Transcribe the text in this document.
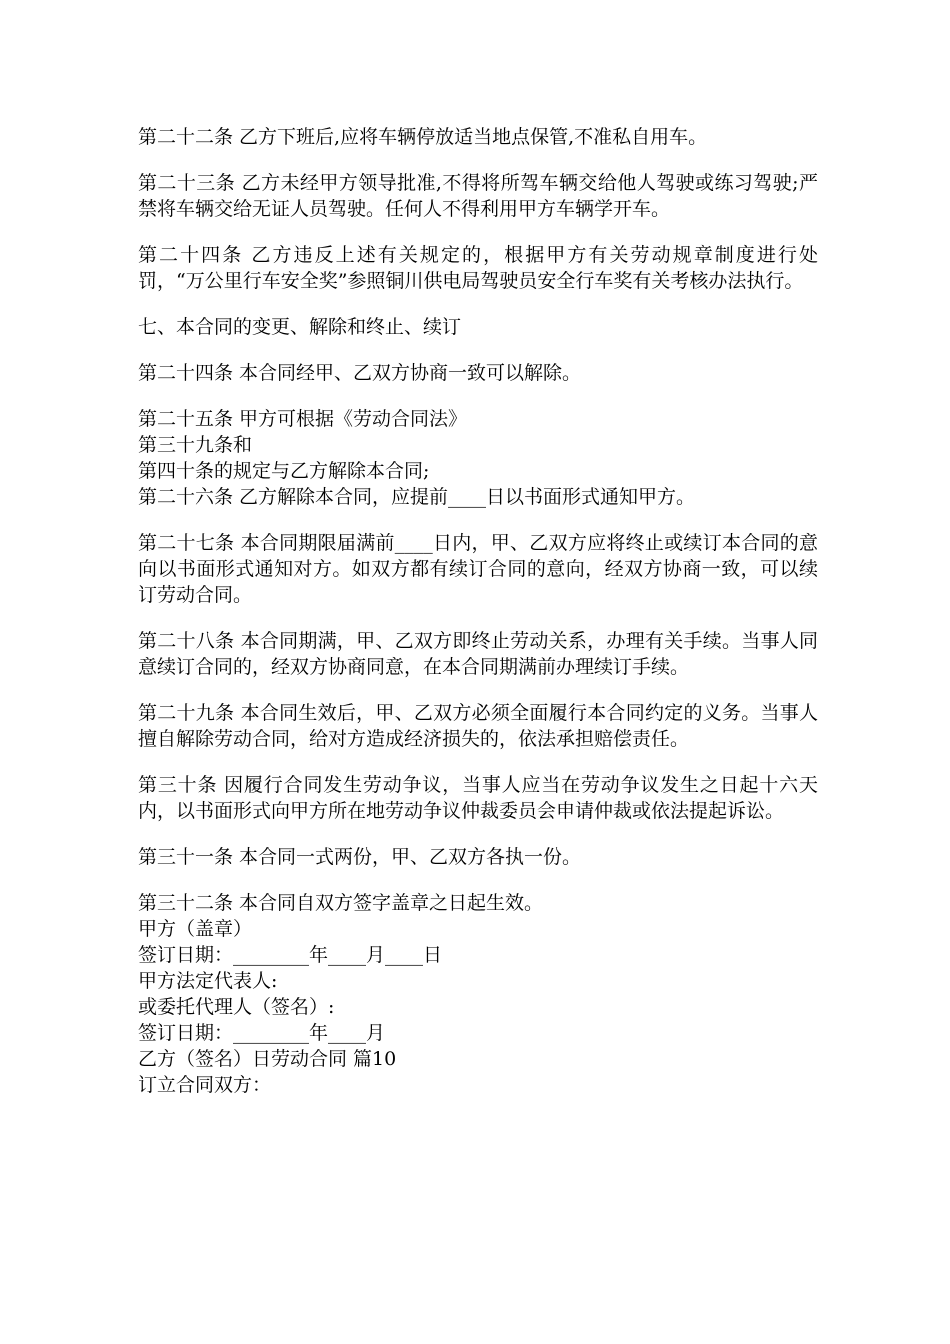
第二十二条 乙方下班后,应将车辆停放适当地点保管,不准私自用车。

第二十三条 乙方未经甲方领导批准,不得将所驾车辆交给他人驾驶或练习驾驶;严禁将车辆交给无证人员驾驶。任何人不得利用甲方车辆学开车。

第二十四条 乙方违反上述有关规定的，根据甲方有关劳动规章制度进行处罚，“万公里行车安全奖”参照铜川供电局驾驶员安全行车奖有关考核办法执行。

七、本合同的变更、解除和终止、续订

第二十四条 本合同经甲、乙双方协商一致可以解除。

第二十五条 甲方可根据《劳动合同法》

第三十九条和

第四十条的规定与乙方解除本合同;

第二十六条 乙方解除本合同，应提前____日以书面形式通知甲方。

第二十七条 本合同期限届满前____日内，甲、乙双方应将终止或续订本合同的意向以书面形式通知对方。如双方都有续订合同的意向，经双方协商一致，可以续订劳动合同。

第二十八条 本合同期满，甲、乙双方即终止劳动关系，办理有关手续。当事人同意续订合同的，经双方协商同意，在本合同期满前办理续订手续。

第二十九条 本合同生效后，甲、乙双方必须全面履行本合同约定的义务。当事人擅自解除劳动合同，给对方造成经济损失的，依法承担赔偿责任。

第三十条 因履行合同发生劳动争议，当事人应当在劳动争议发生之日起十六天内，以书面形式向甲方所在地劳动争议仲裁委员会申请仲裁或依法提起诉讼。

第三十一条 本合同一式两份，甲、乙双方各执一份。

第三十二条 本合同自双方签字盖章之日起生效。

甲方（盖章）

签订日期：________年____月____日

甲方法定代表人:

或委托代理人（签名）:

签订日期：________年____月

乙方（签名）日劳动合同 篇10

订立合同双方：
